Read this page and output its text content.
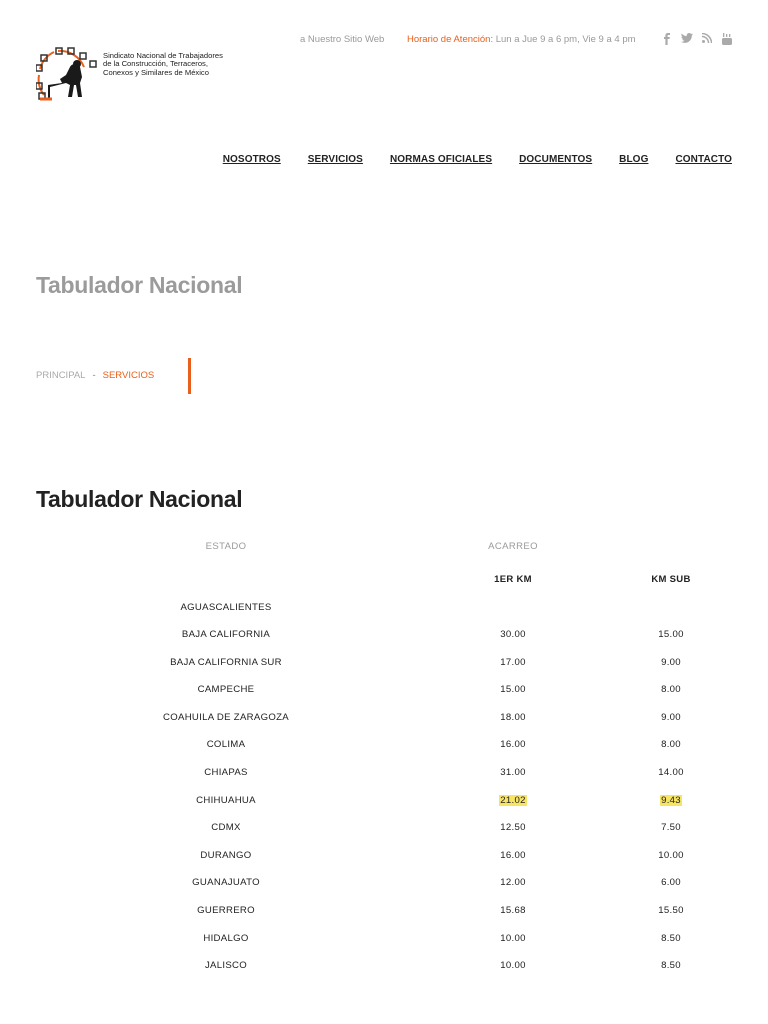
a Nuestro Sitio Web Horario de Atención: Lun a Jue 9 a 6 pm, Vie 9 a 4 pm
Sindicato Nacional de Trabajadores de la Construcción, Terraceros, Conexos y Similares de México
NOSOTROS	SERVICIOS	NORMAS OFICIALES	DOCUMENTOS	BLOG	CONTACTO
Tabulador Nacional
PRINCIPAL - SERVICIOS
Tabulador Nacional
ESTADO	ACARREO
1ER KM	KM SUB
AGUASCALIENTES
BAJA CALIFORNIA	30.00	15.00
BAJA CALIFORNIA SUR	17.00	9.00
CAMPECHE	15.00	8.00
COAHUILA DE ZARAGOZA	18.00	9.00
COLIMA	16.00	8.00
CHIAPAS	31.00	14.00
CHIHUAHUA	21.02	9.43
CDMX	12.50	7.50
DURANGO	16.00	10.00
GUANAJUATO	12.00	6.00
GUERRERO	15.68	15.50
HIDALGO	10.00	8.50
JALISCO	10.00	8.50
